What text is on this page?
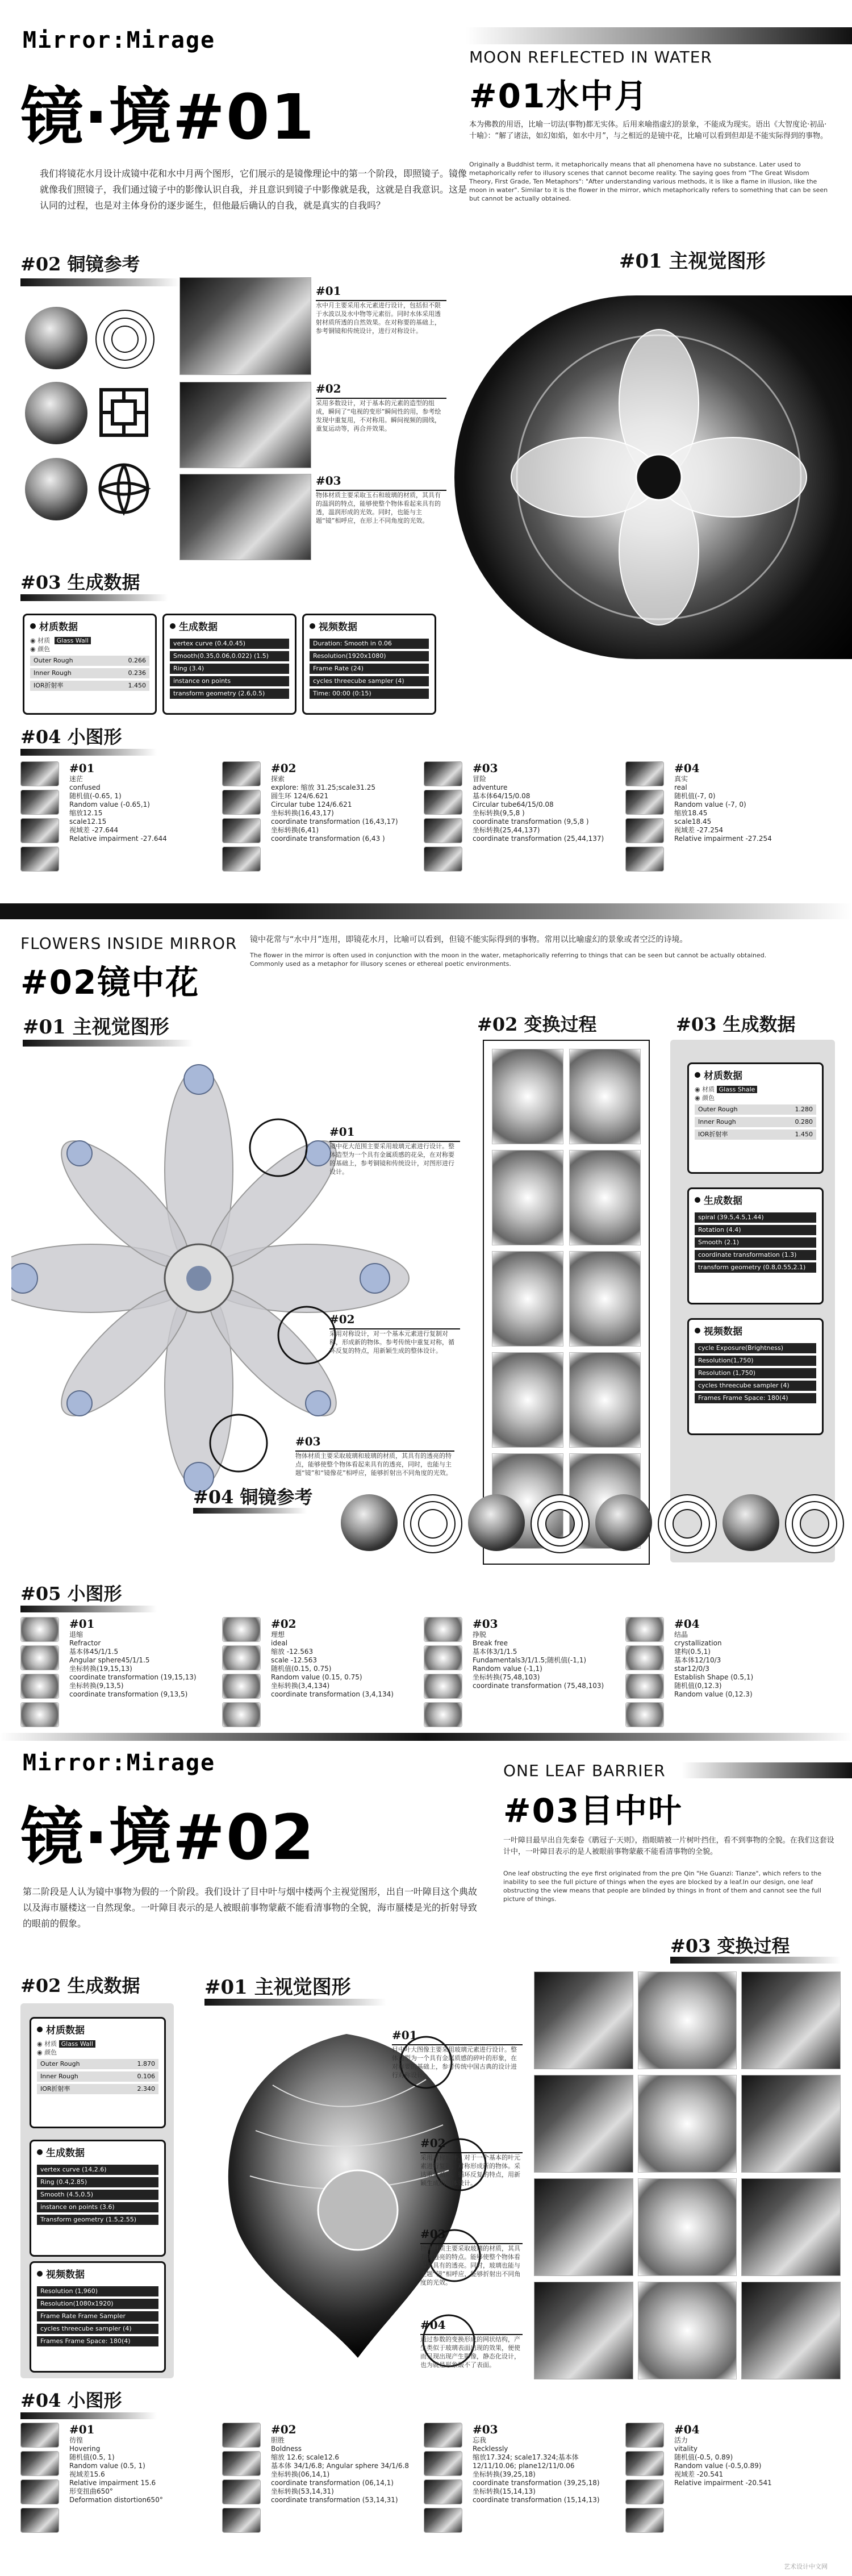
Mirror:Mirage
镜·境#01
我们将镜花水月设计成镜中花和水中月两个图形，它们展示的是镜像理论中的第一个阶段，即照镜子。镜像就像我们照镜子，我们通过镜子中的影像认识自我，并且意识到镜子中影像就是我，这就是自我意识。这是认同的过程，也是对主体身份的逐步诞生，但他最后确认的自我，就是真实的自我吗？
MOON REFLECTED IN WATER
#01水中月
本为佛教的用语，比喻一切法(事物)都无实体。后用来喻指虚幻的景象，不能成为现实。语出《大智度论·初品·十喻》：“解了诸法，如幻如焰，如水中月”，与之相近的是镜中花，比喻可以看到但却是不能实际得到的事物。
Originally a Buddhist term, it metaphorically means that all phenomena have no substance. Later used to metaphorically refer to illusory scenes that cannot become reality. The saying goes from "The Great Wisdom Theory, First Grade, Ten Metaphors": "After understanding various methods, it is like a flame in illusion, like the moon in water". Similar to it is the flower in the mirror, which metaphorically refers to something that can be seen but cannot be actually obtained.
#02 铜镜参考
#01
水中月主要采用水元素进行设计，包括但不限于水波以及水中物等元素衍。同时水体采用透射材质所透的自然效果。在对称要的基础上，参考铜镜和传统设计，进行对称设计。
#02
采用多数设计，对于基本的元素的造型的组成，瞬间了“电视的变形”瞬间性的用，参考绘发现中重复用，不对称用。瞬间视频的圆线，重复运动等，再合并效果。
#03
物体材质主要采取玉石和玻璃的材质，其具有的温润的特点，能够使整个物体看起来具有的透，温润形成的光效。同时，也能与主题“镜”相呼应，在形上不同角度的光效。
#01 主视觉图形
#03 生成数据
材质数据
◉ 材质 Glass Wall
◉ 颜色
Outer Rough	0.266
Inner Rough	0.236
IOR折射率	1.450
生成数据
vertex curve (0.4,0.45)
Smooth(0.35,0.06,0.022) (1.5)
Ring (3.4)
instance on points
transform geometry (2.6,0.5)
视频数据
Duration: Smooth in 0.06
Resolution(1920x1080)
Frame Rate (24)
cycles threecube sampler (4)
Time: 00:00 (0:15)
#04 小图形
#01
迷茫
confused
随机值(-0.65, 1)
Random value (-0.65,1)
缩放12.15
scale12.15
视域差 -27.644
Relative impairment -27.644
#02
探索
explore: 缩放 31.25;scale31.25
圆生环 124/6.621
Circular tube 124/6.621
坐标转换(16,43,17)
coordinate transformation (16,43,17)
坐标转换(6,41)
coordinate transformation (6,43 )
#03
冒险
adventure
基本体64/15/0.08
Circular tube64/15/0.08
坐标转换(9,5,8 )
coordinate transformation (9,5,8 )
坐标转换(25,44,137)
coordinate transformation (25,44,137)
#04
真实
real
随机值(-7, 0)
Random value (-7, 0)
缩放18.45
scale18.45
视域差 -27.254
Relative impairment -27.254
FLOWERS INSIDE MIRROR
#02镜中花
镜中花常与“水中月”连用，即镜花水月，比喻可以看到，但镜不能实际得到的事物。常用以比喻虚幻的景象或者空泛的诗境。
The flower in the mirror is often used in conjunction with the moon in the water, metaphorically referring to things that can be seen but cannot be actually obtained. Commonly used as a metaphor for illusory scenes or ethereal poetic environments.
#01 主视觉图形
#01
镜中花大范围主要采用玻璃元素进行设计。整体造型为一个具有金属质感的花朵，在对称要的基础上，参考铜镜和传统设计，对图形进行设计。
#02
采用对称设计，对一个基本元素进行复制对称，形成新的物体。参考传统中重复对称，循环反复的特点，用新颖生成的整体设计。
#03
物体材质主要采取玻璃和玻璃的材质，其具有的透亮的特点，能够使整个物体看起来具有的透亮，同时，也能与主题“镜”和“镜像花”相呼应，能够折射出不同角度的光效。
#02 变换过程	#03 生成数据
材质数据
◉ 材质 Glass Shale
◉ 颜色
Outer Rough	1.280
Inner Rough	0.280
IOR折射率	1.450
生成数据
spiral (39.5,4.5,1.44)
Rotation (4.4)
Smooth (2.1)
coordinate transformation (1.3)
transform geometry (0.8,0.55,2.1)
视频数据
cycle Exposure(Brightness)
Resolution(1,750)
Resolution (1,750)
cycles threecube sampler (4)
Frames Frame Space: 180(4)
#04 铜镜参考
#05 小图形
#01
退缩
Refractor
基本体45/1/1.5
Angular sphere45/1/1.5
坐标转换(19,15,13)
coordinate transformation (19,15,13)
坐标转换(9,13,5)
coordinate transformation (9,13,5)
#02
理想
ideal
缩放 -12.563
scale -12.563
随机值(0.15, 0.75)
Random value (0.15, 0.75)
坐标转换(3,4,134)
coordinate transformation (3,4,134)
#03
挣脱
Break free
基本体3/1/1.5
Fundamentals3/1/1.5;随机值(-1,1)
Random value (-1,1)
坐标转换(75,48,103)
coordinate transformation (75,48,103)
#04
结晶
crystallization
建构(0.5,1)
基本体12/10/3
star12/0/3
Establish Shape (0.5,1)
随机值(0,12.3)
Random value (0,12.3)
Mirror:Mirage
镜·境#02
第二阶段是人认为镜中事物为假的一个阶段。我们设计了目中叶与烟中楼两个主视觉图形，出自一叶障目这个典故以及海市蜃楼这一自然现象。一叶障目表示的是人被眼前事物蒙蔽不能看清事物的全貌，海市蜃楼是光的折射导致的眼前的假象。
ONE LEAF BARRIER
#03目中叶
一叶障目最早出自先秦卷《鹖冠子·天则》，指眼睛被一片树叶挡住，看不到事物的全貌。在我们这套设计中，一叶障目表示的是人被眼前事物蒙蔽不能看清事物的全貌。
One leaf obstructing the eye first originated from the pre Qin "He Guanzi: Tianze", which refers to the inability to see the full picture of things when the eyes are blocked by a leaf.In our design, one leaf obstructing the view means that people are blinded by things in front of them and cannot see the full picture of things.
#02 生成数据
材质数据
◉ 材质 Glass Wall
◉ 颜色
Outer Rough	1.870
Inner Rough	0.106
IOR折射率	2.340
生成数据
vertex curve (14,2.6)
Ring (0.4,2.85)
Smooth (4.5,0.5)
instance on points (3.6)
Transform geometry (1.5,2.55)
视频数据
Resolution (1,960)
Resolution(1080x1920)
Frame Rate Frame Sampler
cycles threecube sampler (4)
Frames Frame Space: 180(4)
#01 主视觉图形
#01
目中叶大图像主要采用玻璃元素进行设计。整体造型为一个具有金属质感的碎叶的形象，在对称要的基础上，参考传统中国古典的设计进行对称设计。
#02
采用对称设计。对于一个基本的叶元素进行复制，对称形成新的物体。采达重复循环、循环反复的特点，用新颖生成的整体设计。
#03
物体材质主要采取玻璃的材质，其具有的透亮的特点。能够使整个物体看起来具有的透亮。同时，玻璃也能与主题“镜”相呼应，能够折射出不同角度的光效。
#04
通过参数的变换形成的网状结构，产生类似于玻璃表面出现的效果，便使而呈现出现产生影像，静态化设计，也为就是形象破不了表面。
#03 变换过程
#04 小图形
#01
彷徨
Hovering
随机值(0.5, 1)
Random value (0.5, 1)
视域差15.6
Relative impairment 15.6
形变扭曲650°
Deformation distortion650°
#02
胆胜
Boldness
缩放 12.6; scale12.6
基本体 34/1/6.8; Angular sphere 34/1/6.8
坐标转换(06,14,1)
coordinate transformation (06,14,1)
坐标转换(53,14,31)
coordinate transformation (53,14,31)
#03
忘我
Recklessly
缩放17.324; scale17.324;基本体 12/11/10.06; plane12/11/0.06
坐标转换(39,25,18)
coordinate transformation (39,25,18)
坐标转换(15,14,13)
coordinate transformation (15,14,13)
#04
活力
vitality
随机值(-0.5, 0.89)
Random value (-0.5,0.89)
视域差 -20.541
Relative impairment -20.541
艺术设计中文网
